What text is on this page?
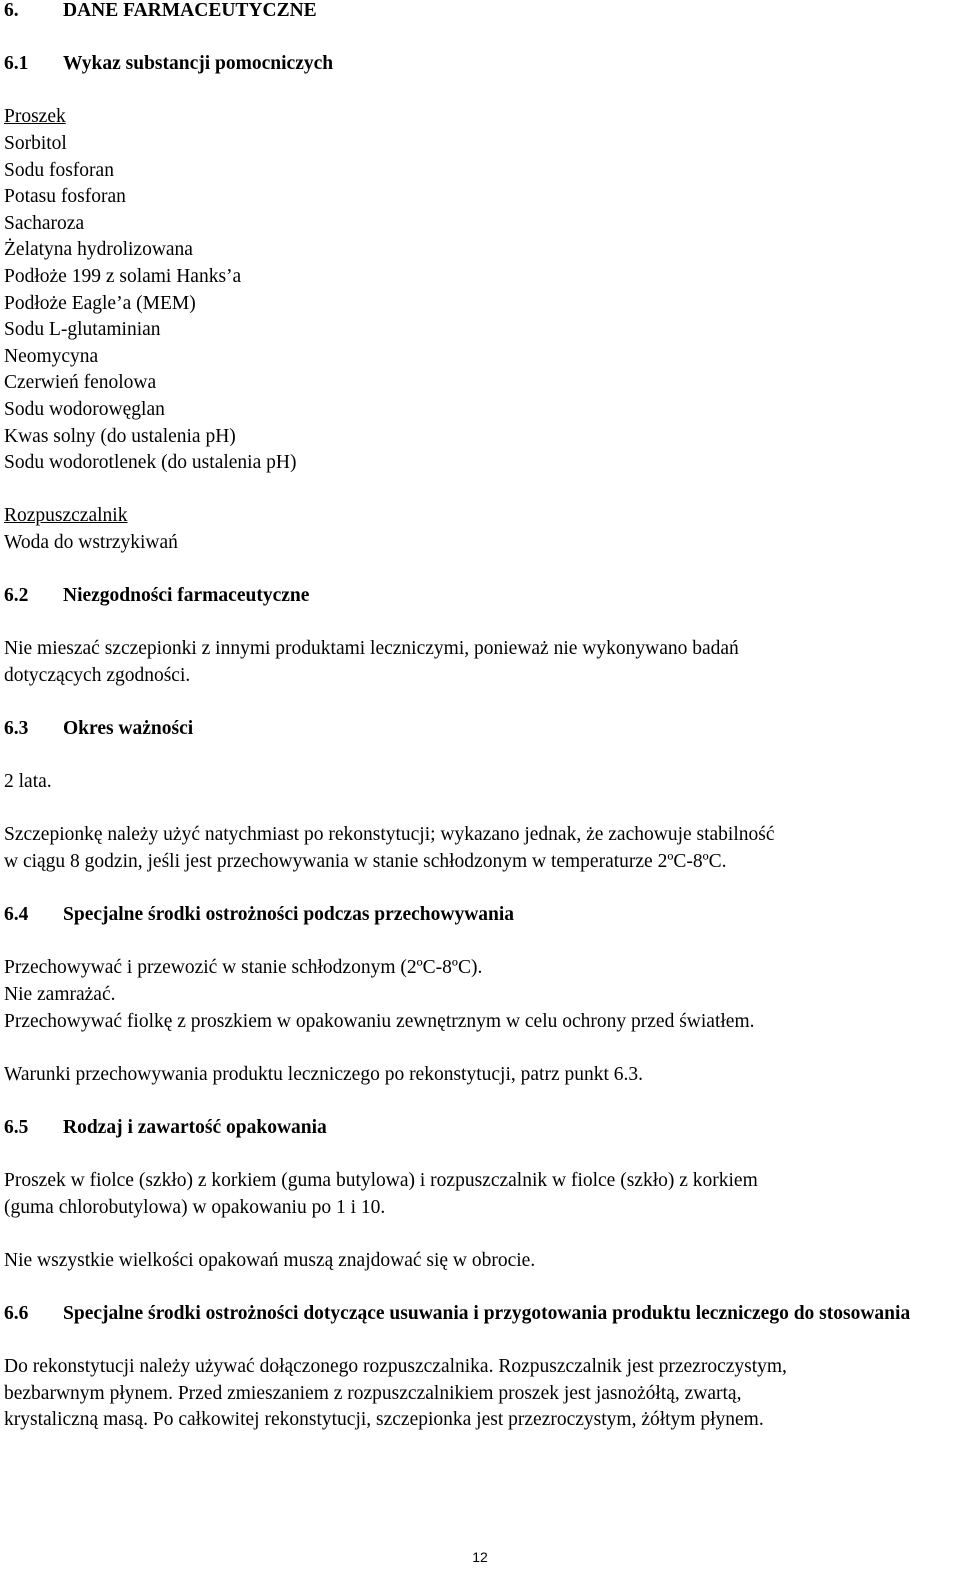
6. DANE FARMACEUTYCZNE
6.1 Wykaz substancji pomocniczych
Proszek
Sorbitol
Sodu fosforan
Potasu fosforan
Sacharoza
Żelatyna hydrolizowana
Podłoże 199 z solami Hanks’a
Podłoże Eagle’a (MEM)
Sodu L-glutaminian
Neomycyna
Czerwień fenolowa
Sodu wodorowęglan
Kwas solny (do ustalenia pH)
Sodu wodorotlenek (do ustalenia pH)
Rozpuszczalnik
Woda do wstrzykiwań
6.2 Niezgodności farmaceutyczne
Nie mieszać szczepionki z innymi produktami leczniczymi, ponieważ nie wykonywano badań
dotyczących zgodności.
6.3 Okres ważności
2 lata.
Szczepionkę należy użyć natychmiast po rekonstytucji; wykazano jednak, że zachowuje stabilność
w ciągu 8 godzin, jeśli jest przechowywania w stanie schłodzonym w temperaturze 2ºC-8ºC.
6.4 Specjalne środki ostrożności podczas przechowywania
Przechowywać i przewozić w stanie schłodzonym (2ºC-8ºC).
Nie zamrażać.
Przechowywać fiolkę z proszkiem w opakowaniu zewnętrznym w celu ochrony przed światłem.
Warunki przechowywania produktu leczniczego po rekonstytucji, patrz punkt 6.3.
6.5 Rodzaj i zawartość opakowania
Proszek w fiolce (szkło) z korkiem (guma butylowa) i rozpuszczalnik w fiolce (szkło) z korkiem
(guma chlorobutylowa) w opakowaniu po 1 i 10.
Nie wszystkie wielkości opakowań muszą znajdować się w obrocie.
6.6	Specjalne środki ostrożności dotyczące usuwania i przygotowania produktu leczniczego do stosowania
Do rekonstytucji należy używać dołączonego rozpuszczalnika. Rozpuszczalnik jest przezroczystym,
bezbarwnym płynem. Przed zmieszaniem z rozpuszczalnikiem proszek jest jasnożółtą, zwartą,
krystaliczną masą. Po całkowitej rekonstytucji, szczepionka jest przezroczystym, żółtym płynem.
12
